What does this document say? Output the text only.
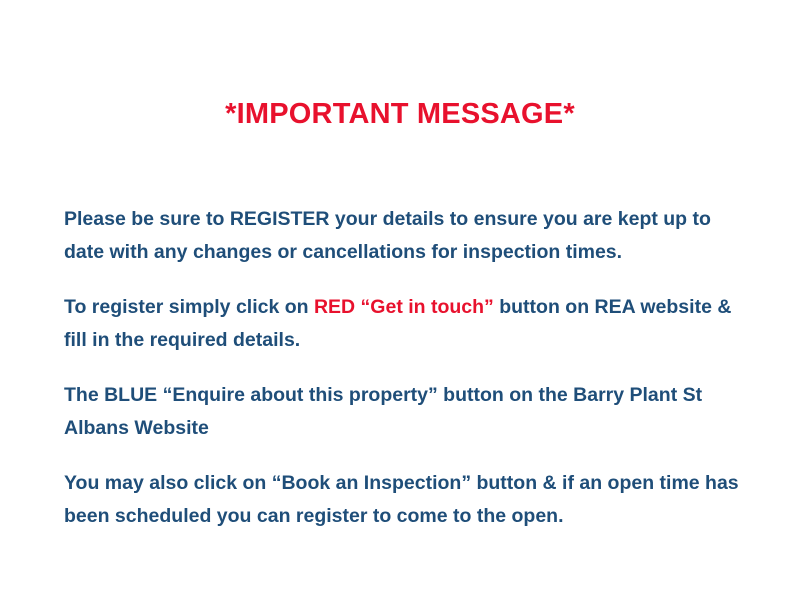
*IMPORTANT MESSAGE*

Please be sure to REGISTER your details to ensure you are kept up to date with any changes or cancellations for inspection times.

To register simply click on RED “Get in touch” button on REA website & fill in the required details.

The BLUE “Enquire about this property” button on the Barry Plant St Albans Website

You may also click on “Book an Inspection” button & if an open time has been scheduled you can register to come to the open.
